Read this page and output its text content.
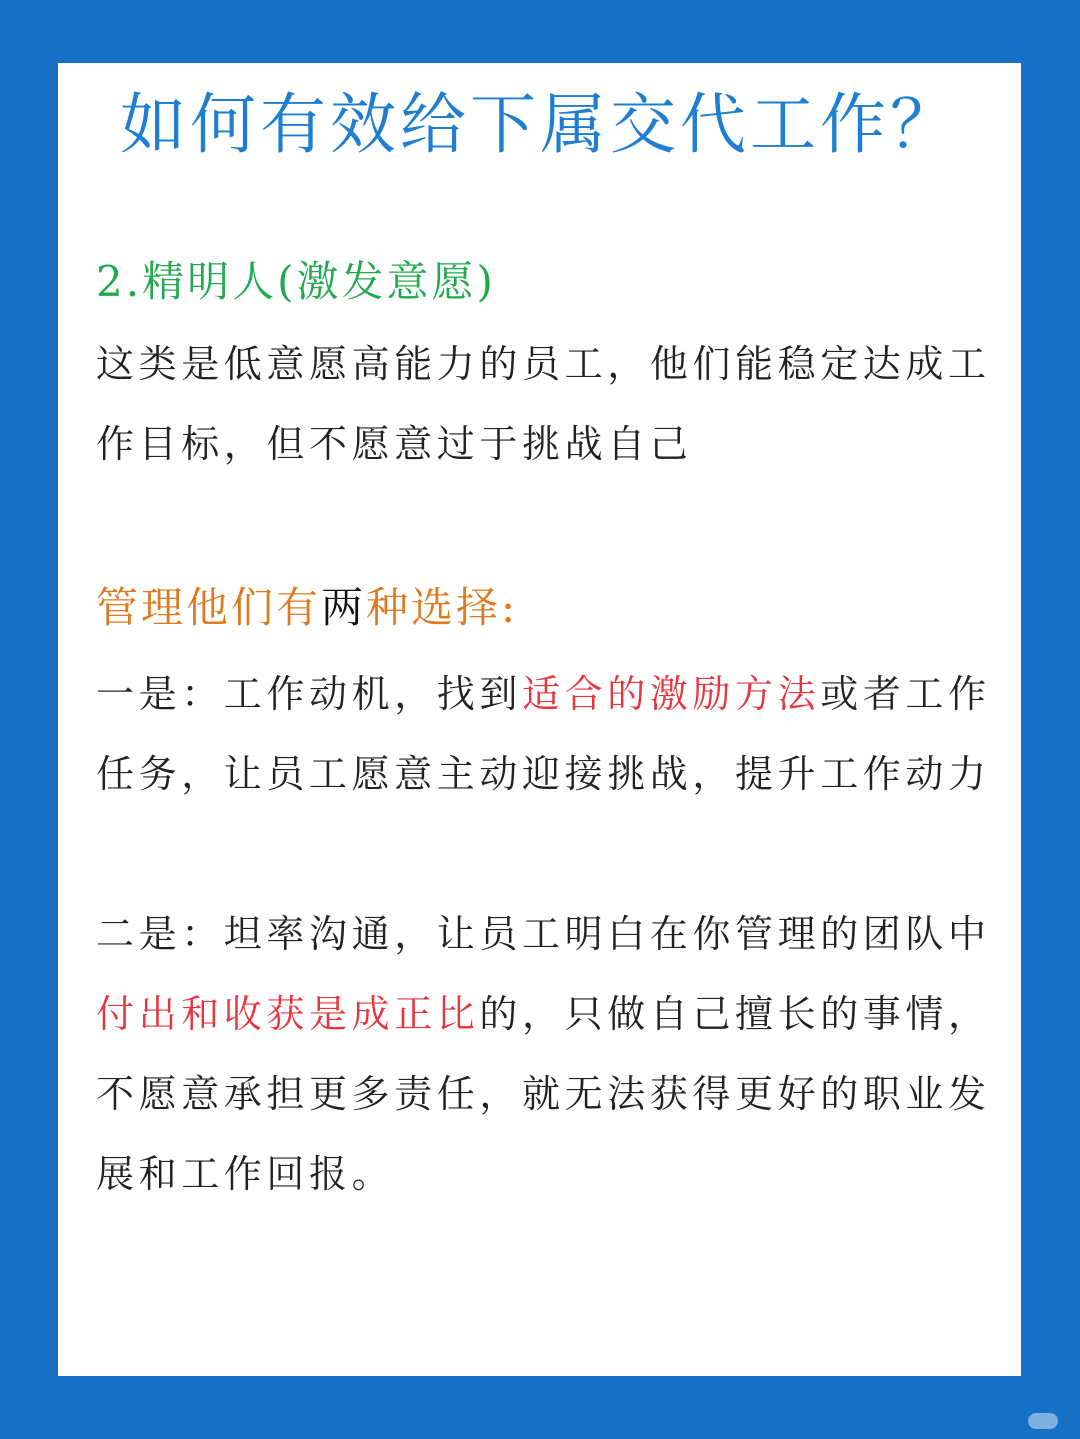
如何有效给下属交代工作？

2.精明人(激发意愿)

这类是低意愿高能力的员工，他们能稳定达成工作目标，但不愿意过于挑战自己

管理他们有两种选择:

一是：工作动机，找到适合的激励方法或者工作任务，让员工愿意主动迎接挑战，提升工作动力

二是：坦率沟通，让员工明白在你管理的团队中付出和收获是成正比的，只做自己擅长的事情，不愿意承担更多责任，就无法获得更好的职业发展和工作回报。
